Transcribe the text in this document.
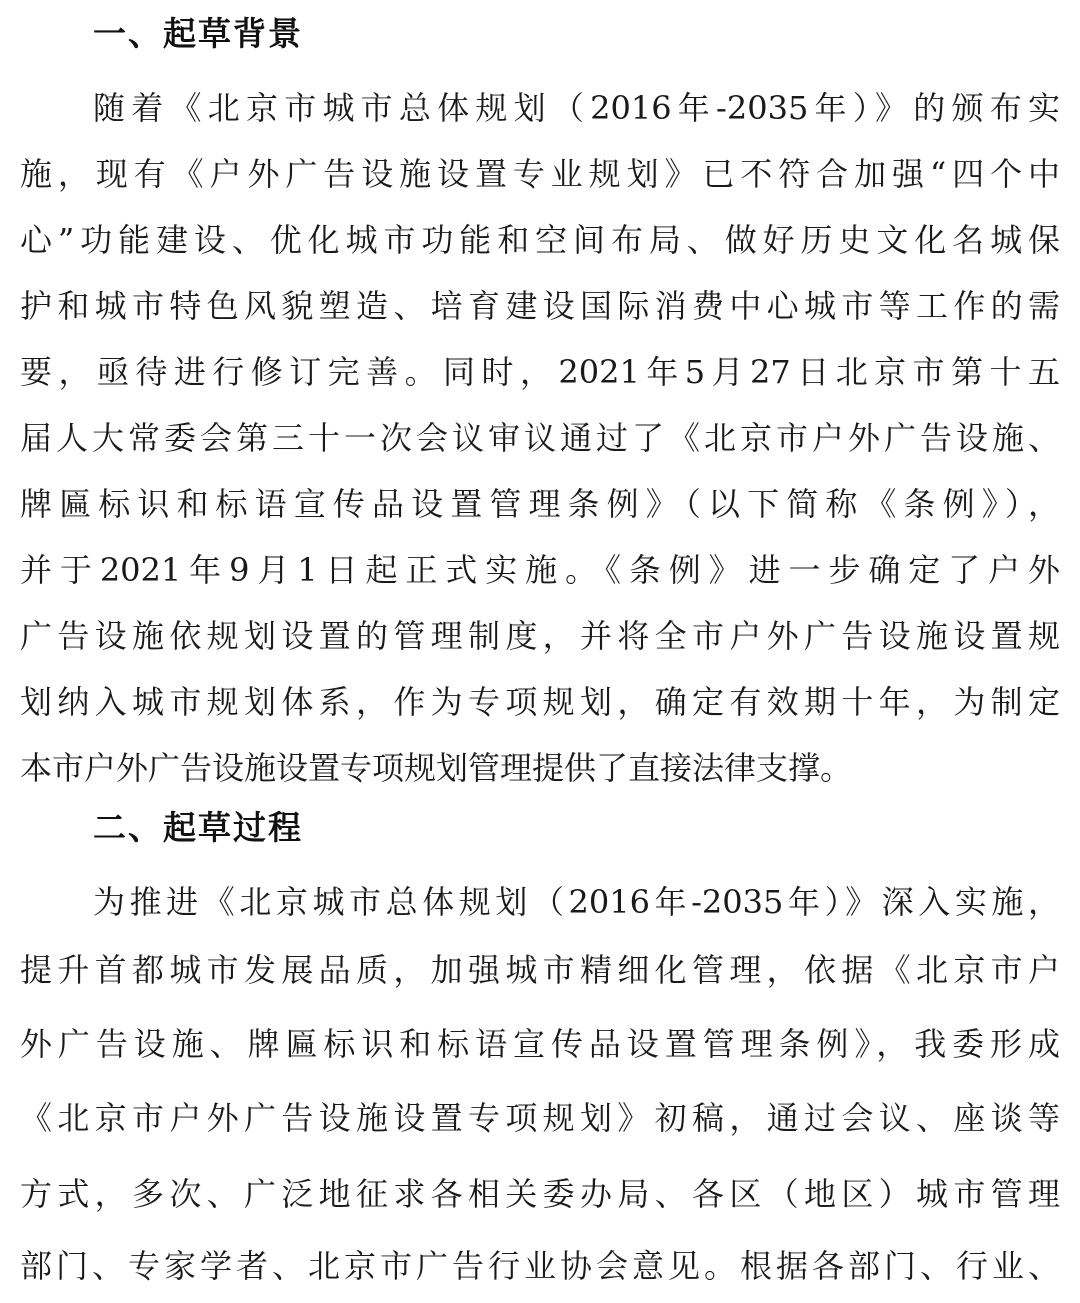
一、起草背景
随着《北京市城市总体规划（2016年-2035年）》的颁布实
施，现有《户外广告设施设置专业规划》已不符合加强“四个中
心”功能建设、优化城市功能和空间布局、做好历史文化名城保
护和城市特色风貌塑造、培育建设国际消费中心城市等工作的需
要，亟待进行修订完善。同时，2021年5月27日北京市第十五
届人大常委会第三十一次会议审议通过了《北京市户外广告设施、
牌匾标识和标语宣传品设置管理条例》（以下简称《条例》），
并于2021年9月1日起正式实施。《条例》进一步确定了户外
广告设施依规划设置的管理制度，并将全市户外广告设施设置规
划纳入城市规划体系，作为专项规划，确定有效期十年，为制定
本市户外广告设施设置专项规划管理提供了直接法律支撑。
二、起草过程
为推进《北京城市总体规划（2016年-2035年）》深入实施，
提升首都城市发展品质，加强城市精细化管理，依据《北京市户
外广告设施、牌匾标识和标语宣传品设置管理条例》，我委形成
《北京市户外广告设施设置专项规划》初稿，通过会议、座谈等
方式，多次、广泛地征求各相关委办局、各区（地区）城市管理
部门、专家学者、北京市广告行业协会意见。根据各部门、行业、
